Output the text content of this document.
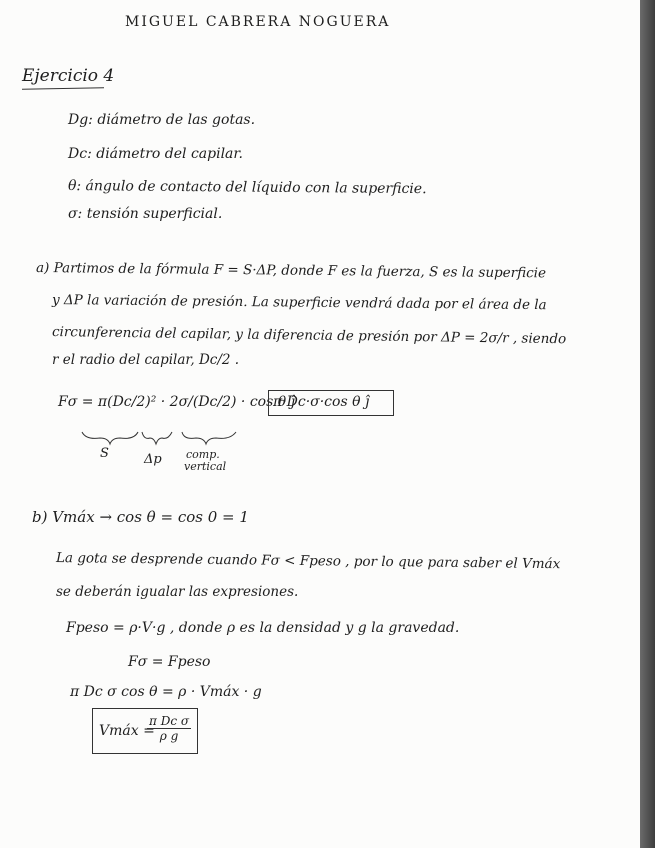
MIGUEL CABRERA NOGUERA
Ejercicio 4
Dg: diámetro de las gotas.
Dc: diámetro del capilar.
θ: ángulo de contacto del líquido con la superficie.
σ: tensión superficial.
a) Partimos de la fórmula F = S·ΔP, donde F es la fuerza, S es la superficie
y ΔP la variación de presión. La superficie vendrá dada por el área de la
circunferencia del capilar, y la diferencia de presión por ΔP = 2σ/r , siendo
r el radio del capilar, Dc/2 .
Fσ = π(Dc/2)² · 2σ/(Dc/2) · cos θ ĵ
π·Dc·σ·cos θ ĵ
S	Δp comp.
vertical
b) Vmáx → cos θ = cos 0 = 1
La gota se desprende cuando Fσ < Fpeso , por lo que para saber el Vmáx
se deberán igualar las expresiones.
Fpeso = ρ·V·g , donde ρ es la densidad y g la gravedad.
Fσ = Fpeso
π Dc σ cos θ = ρ · Vmáx · g
Vmáx =
$\frac{\text{π Dc σ}}{\text{ρ g}}$
